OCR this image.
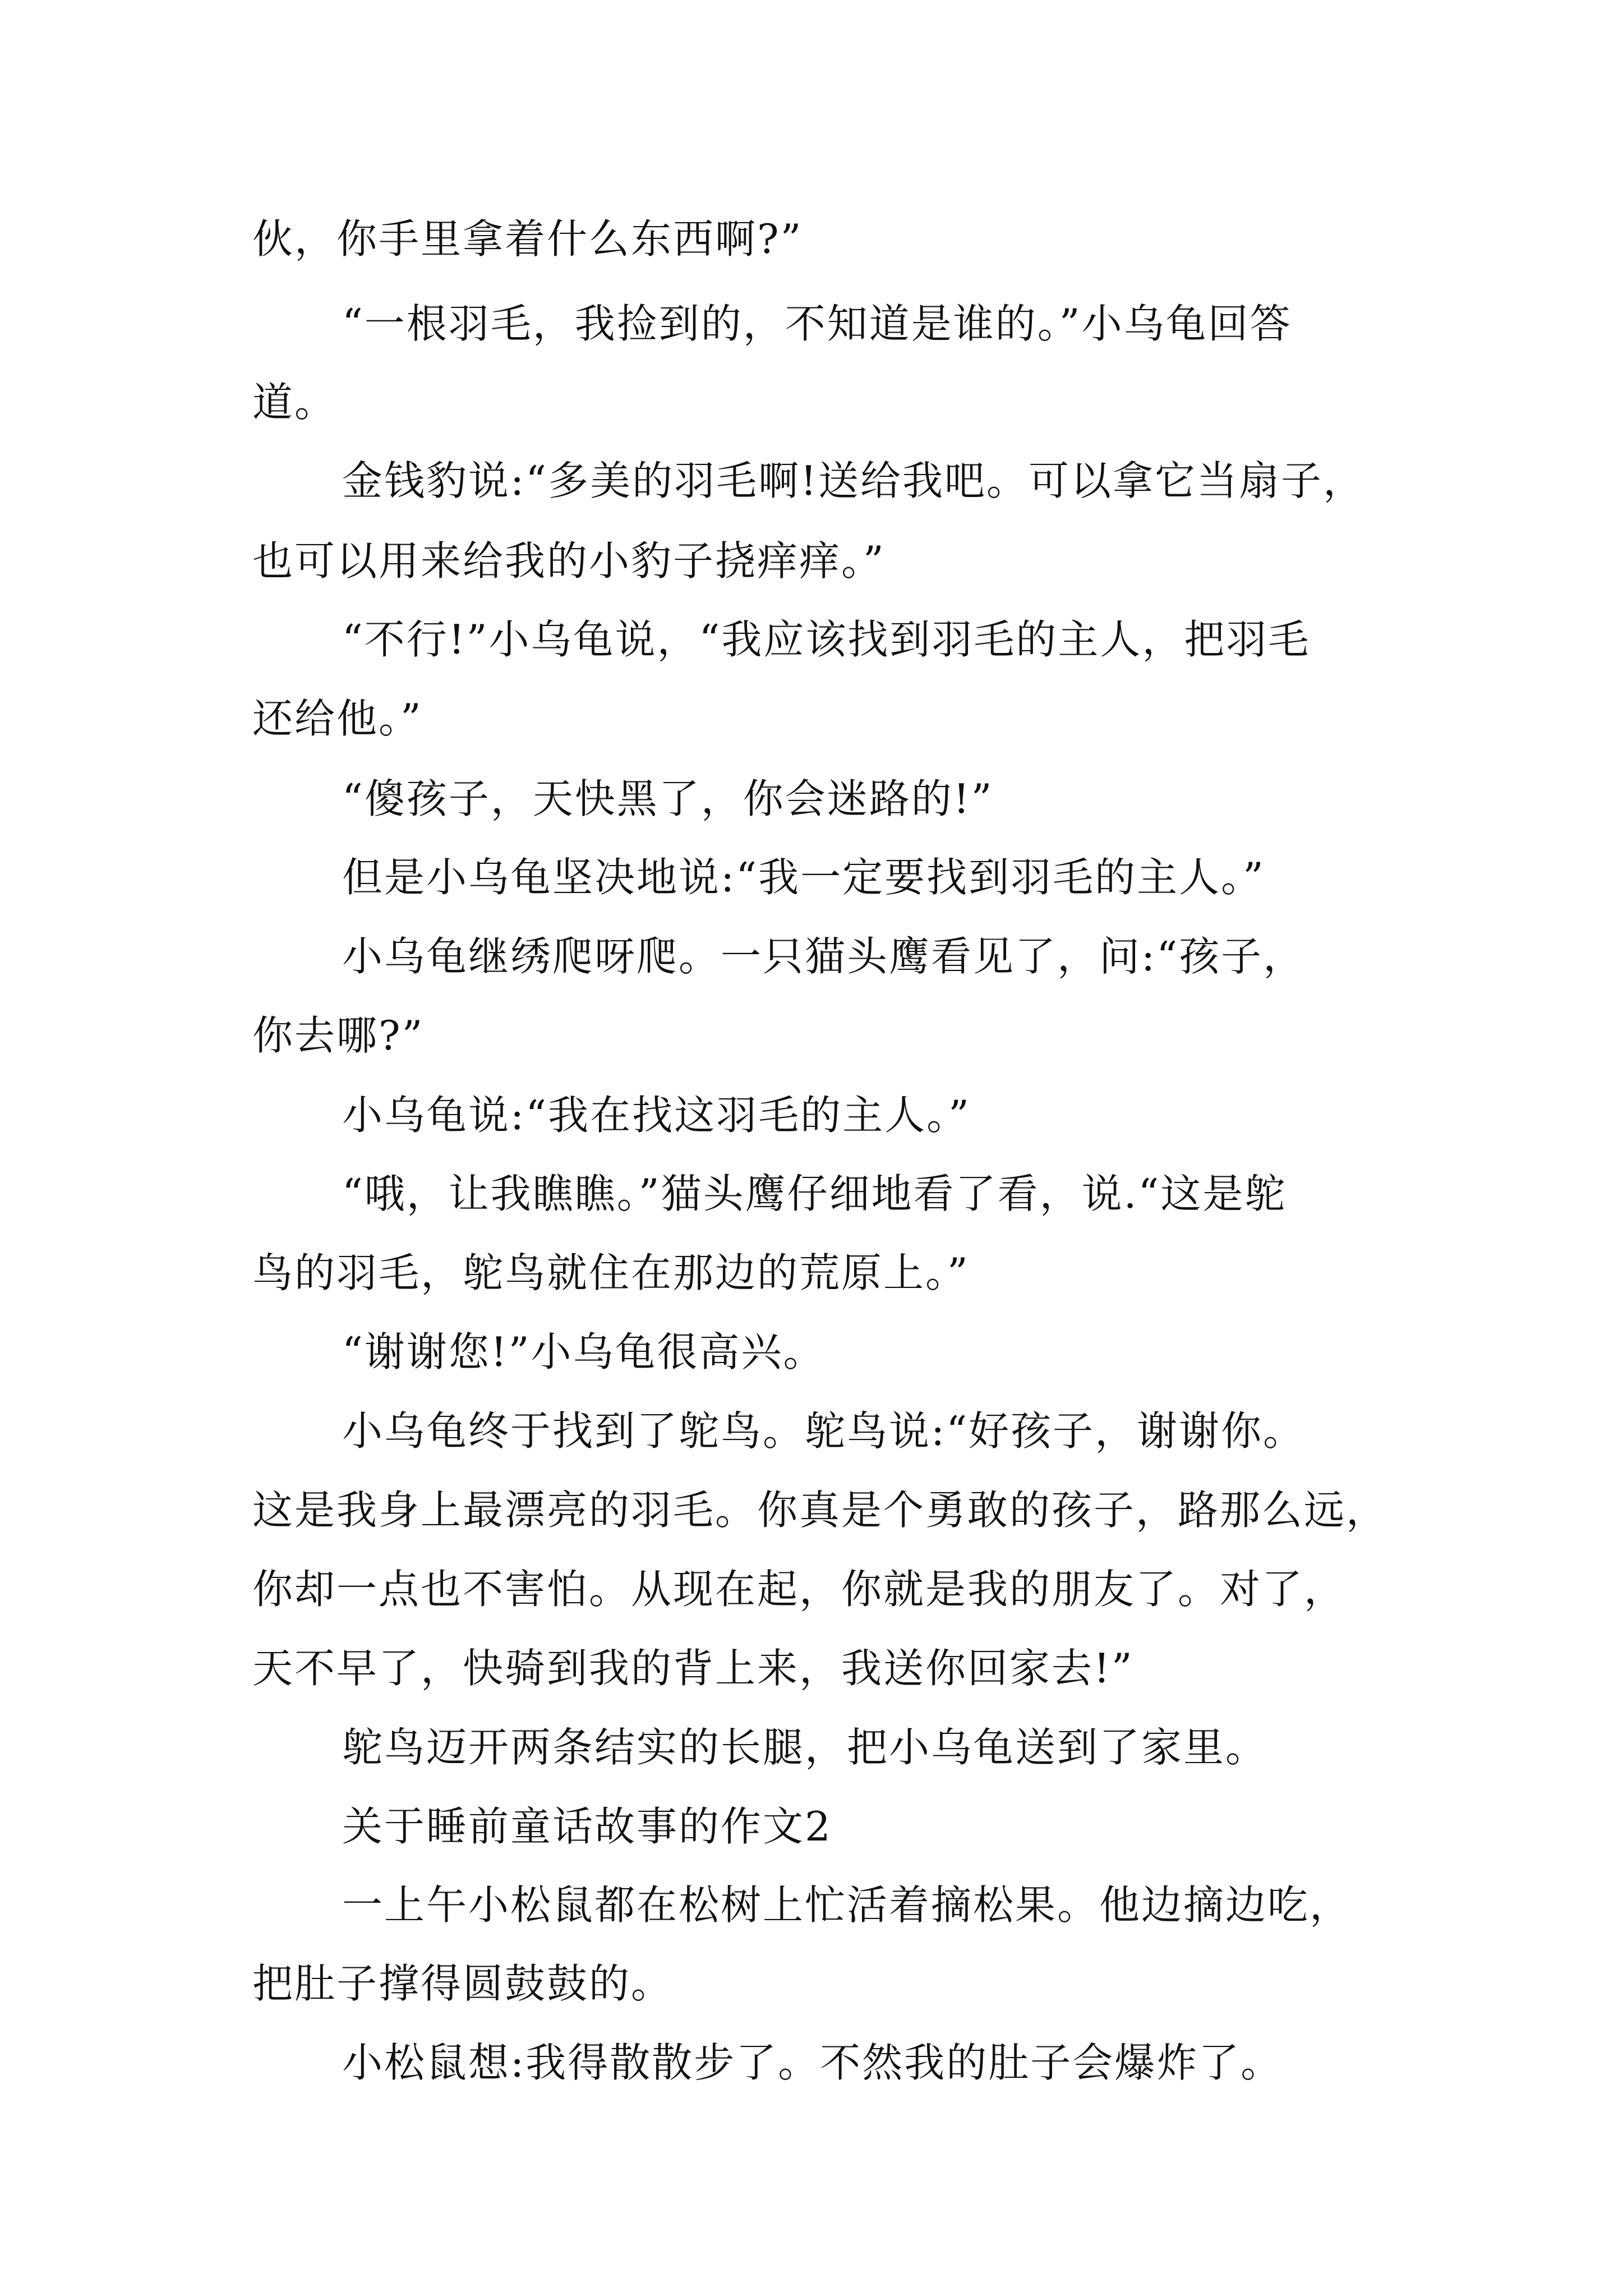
伙，你手里拿着什么东西啊?”
“一根羽毛，我捡到的，不知道是谁的。”小乌龟回答
道。
金钱豹说:“多美的羽毛啊!送给我吧。可以拿它当扇子，
也可以用来给我的小豹子挠痒痒。”
“不行!”小乌龟说，“我应该找到羽毛的主人，把羽毛
还给他。”
“傻孩子，天快黑了，你会迷路的!”
但是小乌龟坚决地说:“我一定要找到羽毛的主人。”
小乌龟继绣爬呀爬。一只猫头鹰看见了，问:“孩子，
你去哪?”
小乌龟说:“我在找这羽毛的主人。”
“哦，让我瞧瞧。”猫头鹰仔细地看了看，说.“这是鸵
鸟的羽毛，鸵鸟就住在那边的荒原上。”
“谢谢您!”小乌龟很高兴。
小乌龟终于找到了鸵鸟。鸵鸟说:“好孩子，谢谢你。
这是我身上最漂亮的羽毛。你真是个勇敢的孩子，路那么远，
你却一点也不害怕。从现在起，你就是我的朋友了。对了，
天不早了，快骑到我的背上来，我送你回家去!”
鸵鸟迈开两条结实的长腿，把小乌龟送到了家里。
关于睡前童话故事的作文2
一上午小松鼠都在松树上忙活着摘松果。他边摘边吃，
把肚子撑得圆鼓鼓的。
小松鼠想:我得散散步了。不然我的肚子会爆炸了。
